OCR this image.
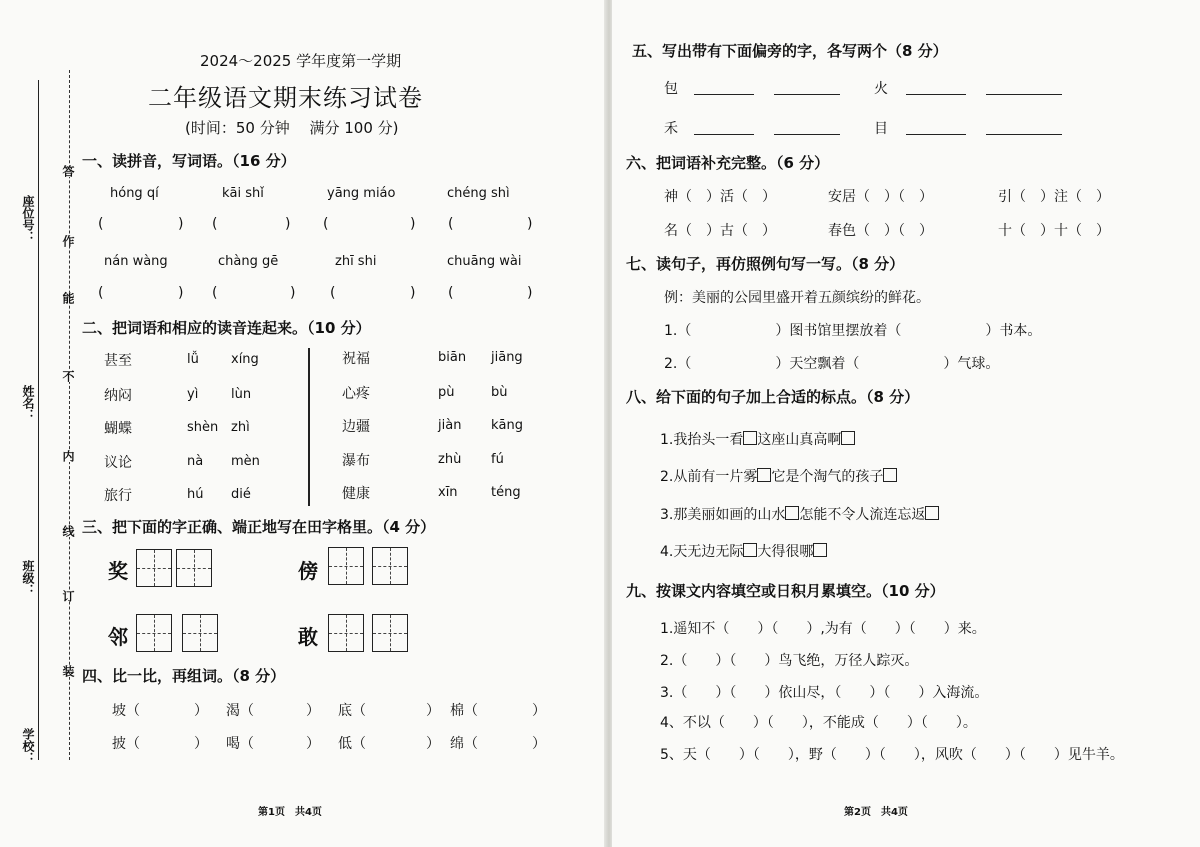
座位号：
姓名：
班级：
学校：
答
作
能
不
内
线
订
装
2024～2025 学年度第一学期
二年级语文期末练习试卷
(时间：50 分钟　 满分 100 分)
一、读拼音，写词语。（16 分）
hóng qí	kāi shǐ	yāng miáo	chéng shì
(	) (	) (	) (	)
nán wàng	chàng gē	zhī shi	chuāng wài
(	) (	) (	) (	)
二、把词语和相应的读音连起来。（10 分）
甚至	lǚ xíng
纳闷	yì	lùn
蝴蝶	shèn zhì
议论	nà mèn
旅行	hú dié
祝福	biān jiāng
心疼	pù	bù
边疆	jiàn kāng
瀑布	zhù fú
健康	xīn	téng
三、把下面的字正确、端正地写在田字格里。（4 分）
奖	傍
邻	敢
四、比一比，再组词。（8 分）
坡（	） 渴（	） 底（	） 棉（	）
披（	） 喝（	） 低（	） 绵（	）
第1页　共4页
五、写出带有下面偏旁的字，各写两个（8 分）
包	火
禾	目
六、把词语补充完整。（6 分）
神（　）活（　）	安居（　）（　）	引（　）注（　）
名（　）古（　）	春色（　）（　）	十（　）十（　）
七、读句子，再仿照例句写一写。（8 分）
例：美丽的公园里盛开着五颜缤纷的鲜花。
1.（　　　　　　）图书馆里摆放着（　　　　　　）书本。
2.（　　　　　　）天空飘着（　　　　　　）气球。
八、给下面的句子加上合适的标点。（8 分）
1.我抬头一看 这座山真高啊
2.从前有一片雾 它是个淘气的孩子
3.那美丽如画的山水 怎能不令人流连忘返
4.天无边无际 大得很哪
九、按课文内容填空或日积月累填空。（10 分）
1.遥知不（　　）（　　）,为有（　　）（　　）来。
2.（　　）（　　）鸟飞绝，万径人踪灭。
3.（　　）（　　）依山尽，（　　）（　　）入海流。
4、不以（　　）（　　），不能成（　　）（　　）。
5、天（　　）（　　），野（　　）（　　），风吹（　　）（　　）见牛羊。
第2页　共4页
